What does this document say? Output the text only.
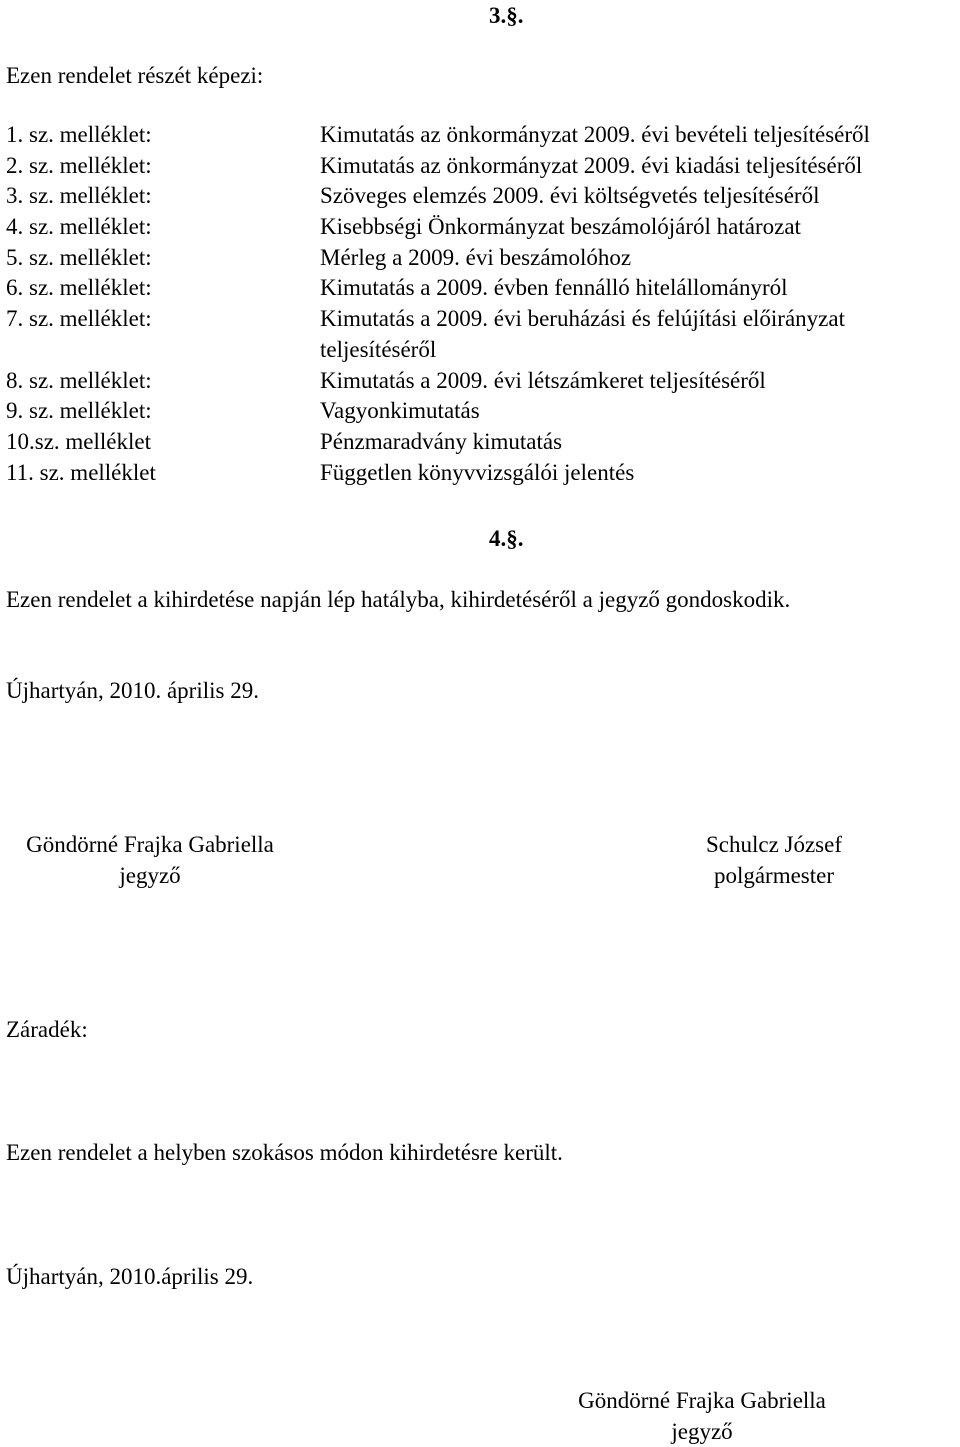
3.§.

Ezen rendelet részét képezi:

1. sz. melléklet:	Kimutatás az önkormányzat 2009. évi bevételi teljesítéséről
2. sz. melléklet:	Kimutatás az önkormányzat 2009. évi kiadási teljesítéséről
3. sz. melléklet:	Szöveges elemzés 2009. évi költségvetés teljesítéséről
4. sz. melléklet:	Kisebbségi Önkormányzat beszámolójáról határozat
5. sz. melléklet:	Mérleg a 2009. évi beszámolóhoz
6. sz. melléklet:	Kimutatás a 2009. évben fennálló hitelállományról
7. sz. melléklet:	Kimutatás a 2009. évi beruházási és felújítási előirányzat teljesítéséről
8. sz. melléklet:	Kimutatás a 2009. évi létszámkeret teljesítéséről
9. sz. melléklet:	Vagyonkimutatás
10.sz. melléklet	Pénzmaradvány kimutatás
11. sz. melléklet	Független könyvvizsgálói jelentés

4.§.

Ezen rendelet a kihirdetése napján lép hatályba, kihirdetéséről a jegyző gondoskodik.

Újhartyán, 2010. április 29.

Göndörné Frajka Gabriella
jegyző
Schulcz József
polgármester

Záradék:

Ezen rendelet a helyben szokásos módon kihirdetésre került.

Újhartyán, 2010.április 29.

Göndörné Frajka Gabriella
jegyző
